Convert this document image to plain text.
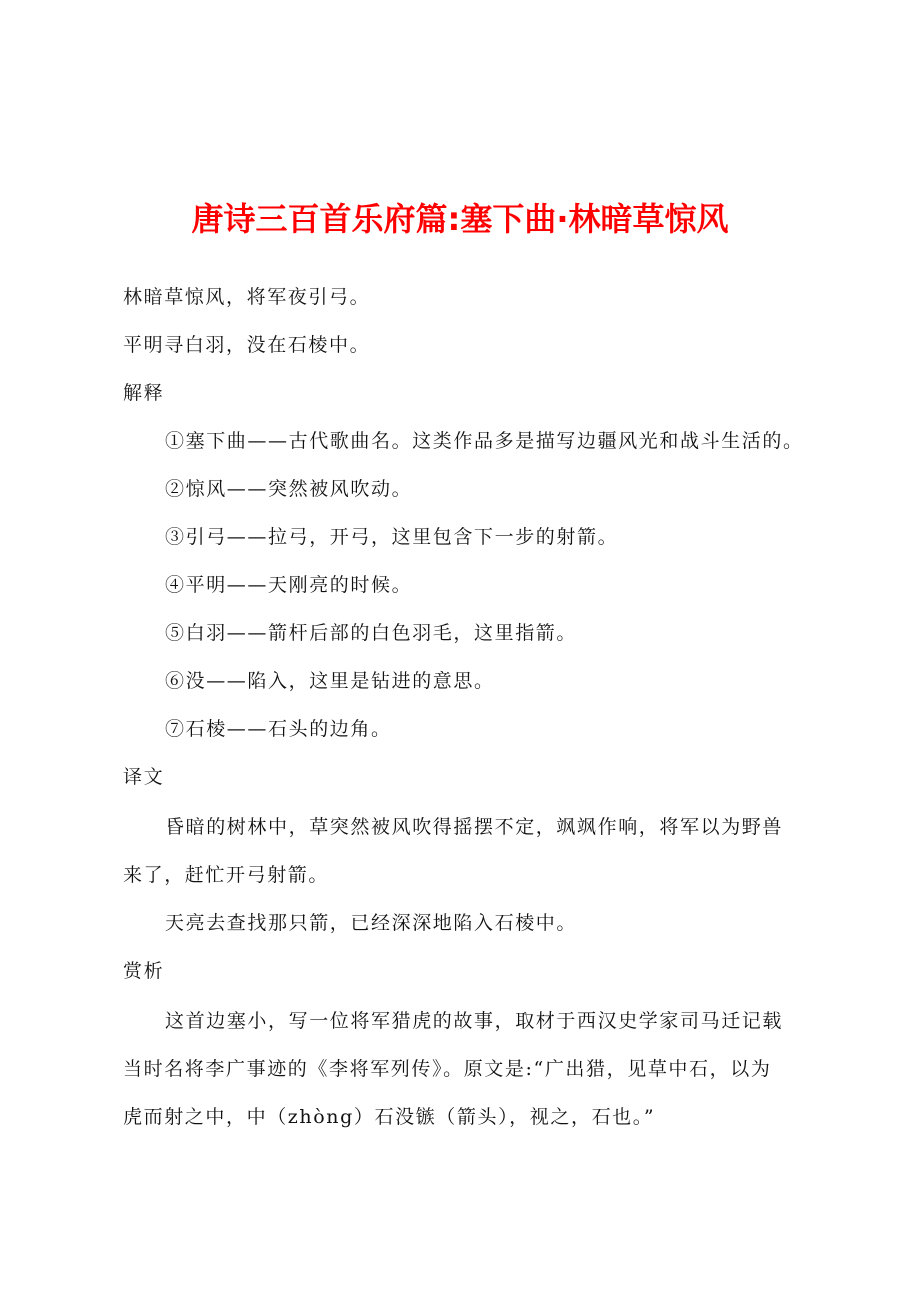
唐诗三百首乐府篇:塞下曲·林暗草惊风
林暗草惊风，将军夜引弓。
平明寻白羽，没在石棱中。
解释
①塞下曲——古代歌曲名。这类作品多是描写边疆风光和战斗生活的。
②惊风——突然被风吹动。
③引弓——拉弓，开弓，这里包含下一步的射箭。
④平明——天刚亮的时候。
⑤白羽——箭杆后部的白色羽毛，这里指箭。
⑥没——陷入，这里是钻进的意思。
⑦石棱——石头的边角。
译文
昏暗的树林中，草突然被风吹得摇摆不定，飒飒作响，将军以为野兽
来了，赶忙开弓射箭。
天亮去查找那只箭，已经深深地陷入石棱中。
赏析
这首边塞小，写一位将军猎虎的故事，取材于西汉史学家司马迁记载
当时名将李广事迹的《李将军列传》。原文是:“广出猎，见草中石，以为
虎而射之中，中（zhòng）石没镞（箭头），视之，石也。”
